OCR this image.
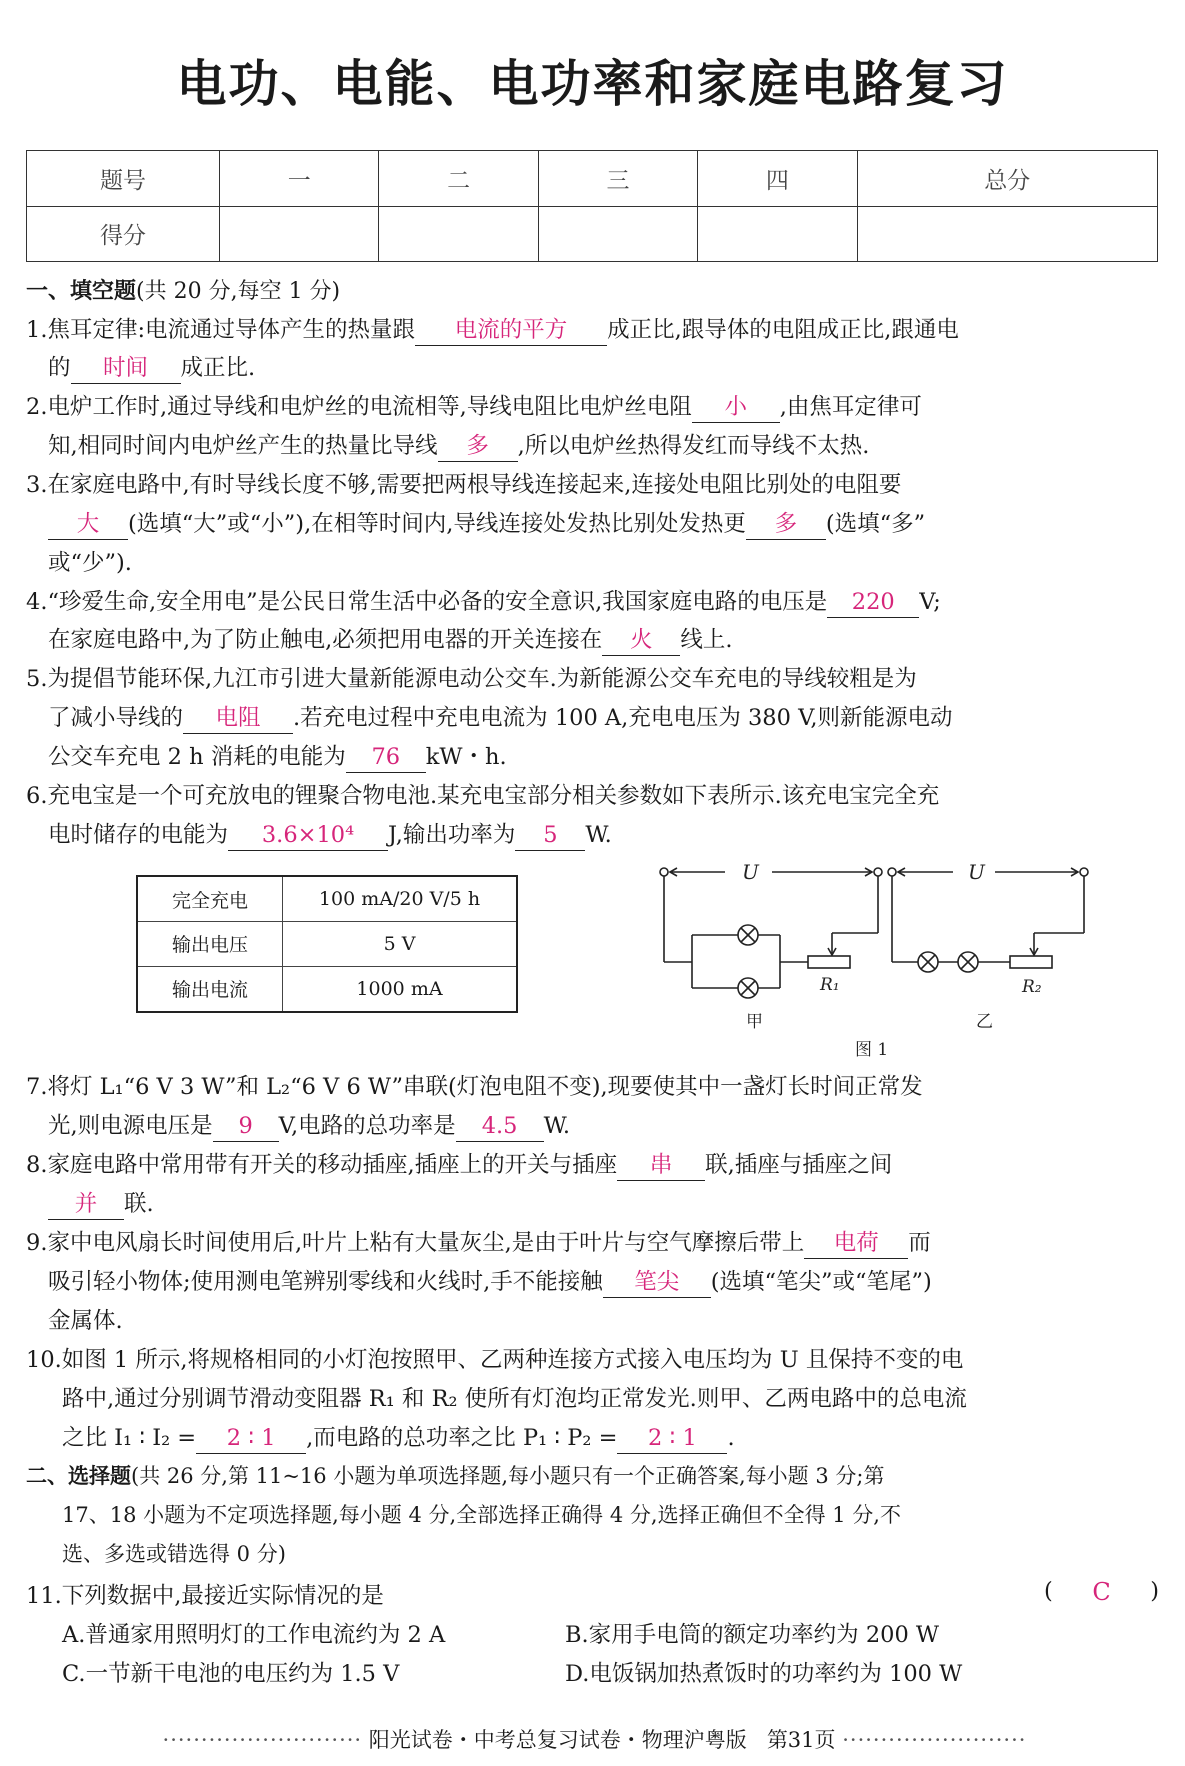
电功、电能、电功率和家庭电路复习
题号	一	二	三	四	总分
得分					
一、填空题(共 20 分,每空 1 分)
1.焦耳定律:电流通过导体产生的热量跟 电流的平方 成正比,跟导体的电阻成正比,跟通电
的 时间 成正比.
2.电炉工作时,通过导线和电炉丝的电流相等,导线电阻比电炉丝电阻 小 ,由焦耳定律可
知,相同时间内电炉丝产生的热量比导线 多 ,所以电炉丝热得发红而导线不太热.
3.在家庭电路中,有时导线长度不够,需要把两根导线连接起来,连接处电阻比别处的电阻要
大 (选填“大”或“小”),在相等时间内,导线连接处发热比别处发热更 多 (选填“多”
或“少”).
4.“珍爱生命,安全用电”是公民日常生活中必备的安全意识,我国家庭电路的电压是 220 V;
在家庭电路中,为了防止触电,必须把用电器的开关连接在 火 线上.
5.为提倡节能环保,九江市引进大量新能源电动公交车.为新能源公交车充电的导线较粗是为
了减小导线的 电阻 .若充电过程中充电电流为 100 A,充电电压为 380 V,则新能源电动
公交车充电 2 h 消耗的电能为 76 kW・h.
6.充电宝是一个可充放电的锂聚合物电池.某充电宝部分相关参数如下表所示.该充电宝完全充
电时储存的电能为 3.6×10⁴ J,输出功率为 5 W.
完全充电	100 mA/20 V/5 h
输出电压	5 V
输出电流	1000 mA
U	U
R₁	R₂
甲	乙
图 1
7.将灯 L₁“6 V 3 W”和 L₂“6 V 6 W”串联(灯泡电阻不变),现要使其中一盏灯长时间正常发
光,则电源电压是 9 V,电路的总功率是 4.5 W.
8.家庭电路中常用带有开关的移动插座,插座上的开关与插座 串 联,插座与插座之间
并 联.
9.家中电风扇长时间使用后,叶片上粘有大量灰尘,是由于叶片与空气摩擦后带上 电荷 而
吸引轻小物体;使用测电笔辨别零线和火线时,手不能接触 笔尖 (选填“笔尖”或“笔尾”)
金属体.
10.如图 1 所示,将规格相同的小灯泡按照甲、乙两种连接方式接入电压均为 U 且保持不变的电
路中,通过分别调节滑动变阻器 R₁ 和 R₂ 使所有灯泡均正常发光.则甲、乙两电路中的总电流
之比 I₁ ∶ I₂ = 2 ∶ 1 ,而电路的总功率之比 P₁ ∶ P₂ = 2 ∶ 1 .
二、选择题(共 26 分,第 11~16 小题为单项选择题,每小题只有一个正确答案,每小题 3 分;第
17、18 小题为不定项选择题,每小题 4 分,全部选择正确得 4 分,选择正确但不全得 1 分,不
选、多选或错选得 0 分)
11.下列数据中,最接近实际情况的是	( C )
A.普通家用照明灯的工作电流约为 2 A	B.家用手电筒的额定功率约为 200 W
C.一节新干电池的电压约为 1.5 V	D.电饭锅加热煮饭时的功率约为 100 W
·························· 阳光试卷・中考总复习试卷・物理沪粤版 第31页 ························
